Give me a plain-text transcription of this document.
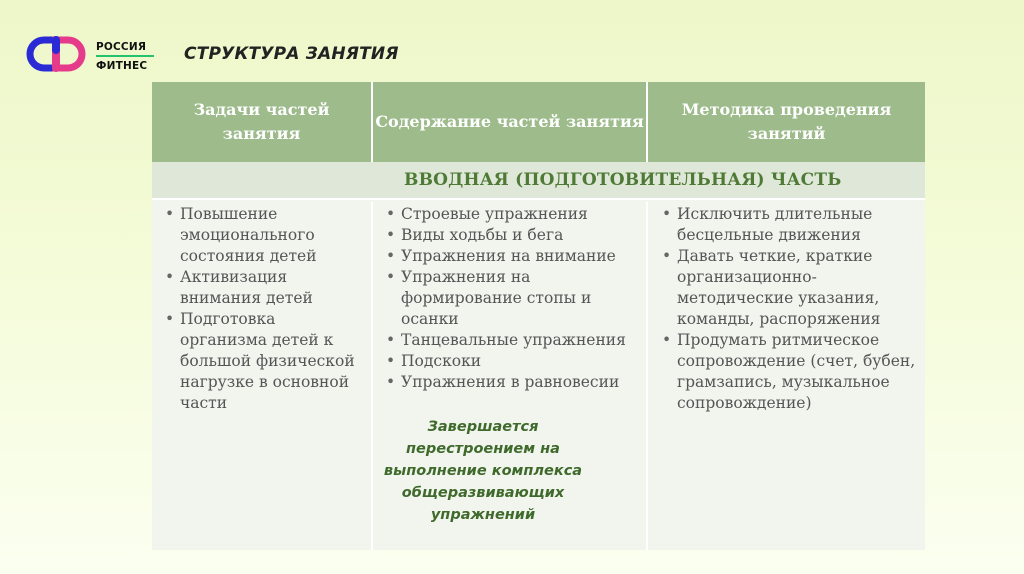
РОССИЯ
ФИТНЕС
СТРУКТУРА ЗАНЯТИЯ
Задачи частей занятия
Содержание частей занятия
Методика проведения занятий
ВВОДНАЯ (ПОДГОТОВИТЕЛЬНАЯ) ЧАСТЬ
• Повышение эмоционального состояния детей
• Активизация внимания детей
• Подготовка организма детей к большой физической нагрузке в основной части
• Строевые упражнения
• Виды ходьбы и бега
• Упражнения на внимание
• Упражнения на формирование стопы и осанки
• Танцевальные упражнения
• Подскоки
• Упражнения в равновесии
Завершается перестроением на выполнение комплекса общеразвивающих упражнений
• Исключить длительные бесцельные движения
• Давать четкие, краткие организационно-методические указания, команды, распоряжения
• Продумать ритмическое сопровождение (счет, бубен, грамзапись, музыкальное сопровождение)
